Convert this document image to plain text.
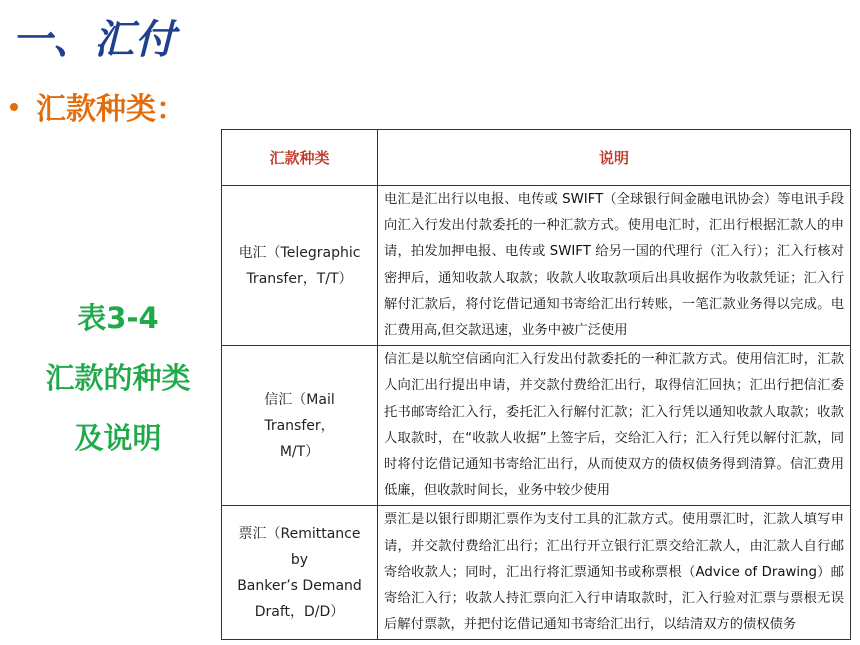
一、汇付
汇款种类：
表3-4
汇款的种类
及说明
汇款种类	说明

电汇（Telegraphic
Transfer，T/T）	电汇是汇出行以电报、电传或 SWIFT（全球银行间金融电讯协会）等电讯手段向汇入行发出付款委托的一种汇款方式。使用电汇时，汇出行根据汇款人的申请，拍发加押电报、电传或 SWIFT 给另一国的代理行（汇入行）；汇入行核对密押后，通知收款人取款；收款人收取款项后出具收据作为收款凭证；汇入行解付汇款后，将付讫借记通知书寄给汇出行转账，一笔汇款业务得以完成。电汇费用高,但交款迅速，业务中被广泛使用

信汇（Mail Transfer，
M/T）	信汇是以航空信函向汇入行发出付款委托的一种汇款方式。使用信汇时，汇款人向汇出行提出申请，并交款付费给汇出行，取得信汇回执；汇出行把信汇委托书邮寄给汇入行，委托汇入行解付汇款；汇入行凭以通知收款人取款；收款人取款时，在“收款人收据”上签字后，交给汇入行；汇入行凭以解付汇款，同时将付讫借记通知书寄给汇出行，从而使双方的债权债务得到清算。信汇费用低廉，但收款时间长，业务中较少使用

票汇（Remittance by
Banker’s Demand
Draft，D/D）	票汇是以银行即期汇票作为支付工具的汇款方式。使用票汇时，汇款人填写申请，并交款付费给汇出行；汇出行开立银行汇票交给汇款人，由汇款人自行邮寄给收款人；同时，汇出行将汇票通知书或称票根（Advice of Drawing）邮寄给汇入行；收款人持汇票向汇入行申请取款时，汇入行验对汇票与票根无误后解付票款，并把付讫借记通知书寄给汇出行，以结清双方的债权债务
